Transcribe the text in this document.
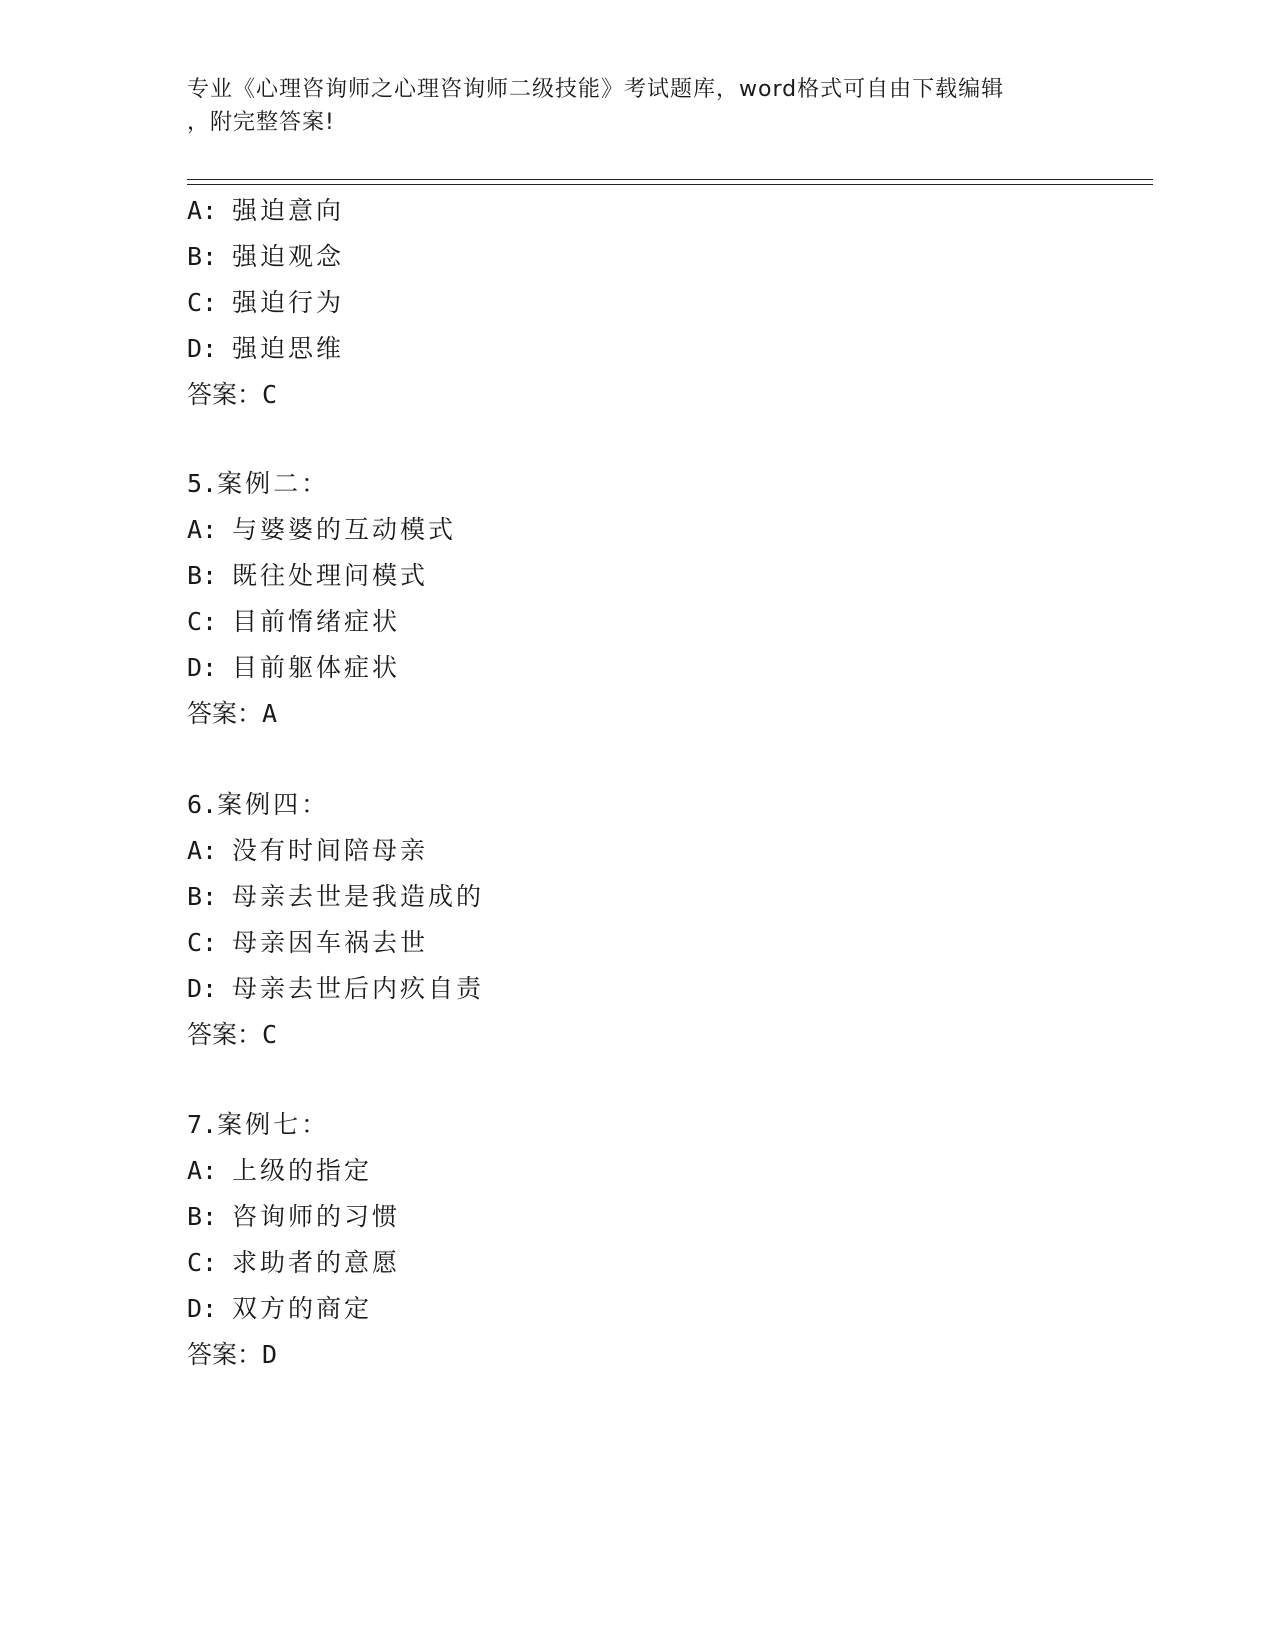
专业《心理咨询师之心理咨询师二级技能》考试题库，word格式可自由下载编辑
，附完整答案!
A: 强迫意向
B: 强迫观念
C: 强迫行为
D: 强迫思维
答案：C
5.案例二：
A: 与婆婆的互动模式
B: 既往处理问模式
C: 目前惰绪症状
D: 目前躯体症状
答案：A
6.案例四：
A: 没有时间陪母亲
B: 母亲去世是我造成的
C: 母亲因车祸去世
D: 母亲去世后内疚自责
答案：C
7.案例七：
A: 上级的指定
B: 咨询师的习惯
C: 求助者的意愿
D: 双方的商定
答案：D
